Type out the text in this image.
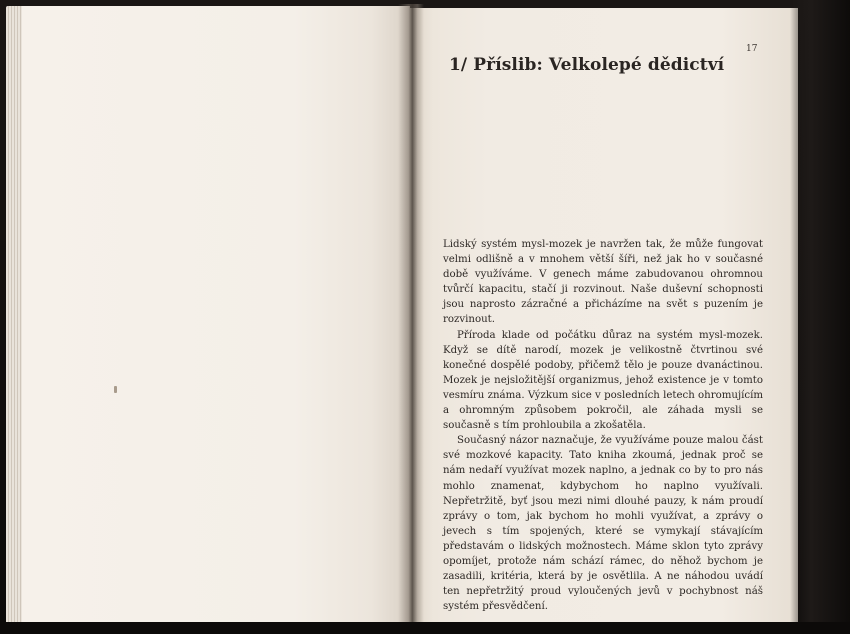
17
1/ Příslib: Velkolepé dědictví

Lidský systém mysl-mozek je navržen tak, že může fungovat velmi odlišně a v mnohem větší šíři, než jak ho v současné době využíváme. V genech máme zabudovanou ohromnou tvůrčí kapacitu, stačí ji rozvinout. Naše duševní schopnosti jsou naprosto zázračné a přicházíme na svět s puzením je rozvinout.

Příroda klade od počátku důraz na systém mysl-mozek. Když se dítě narodí, mozek je velikostně čtvrtinou své konečné dospělé podoby, přičemž tělo je pouze dvanáctinou. Mozek je nejsložitější organizmus, jehož existence je v tomto vesmíru známa. Výzkum sice v posledních letech ohromujícím a ohromným způsobem pokročil, ale záhada mysli se současně s tím prohloubila a zkošatěla.

Současný názor naznačuje, že využíváme pouze malou část své mozkové kapacity. Tato kniha zkoumá, jednak proč se nám nedaří využívat mozek naplno, a jednak co by to pro nás mohlo znamenat, kdybychom ho naplno využívali. Nepřetržitě, byť jsou mezi nimi dlouhé pauzy, k nám proudí zprávy o tom, jak bychom ho mohli využívat, a zprávy o jevech s tím spojených, které se vymykají stávajícím představám o lidských možnostech. Máme sklon tyto zprávy opomíjet, protože nám schází rámec, do něhož bychom je zasadili, kritéria, která by je osvětlila. A ne náhodou uvádí ten nepřetržitý proud vyloučených jevů v pochybnost náš systém přesvědčení.
